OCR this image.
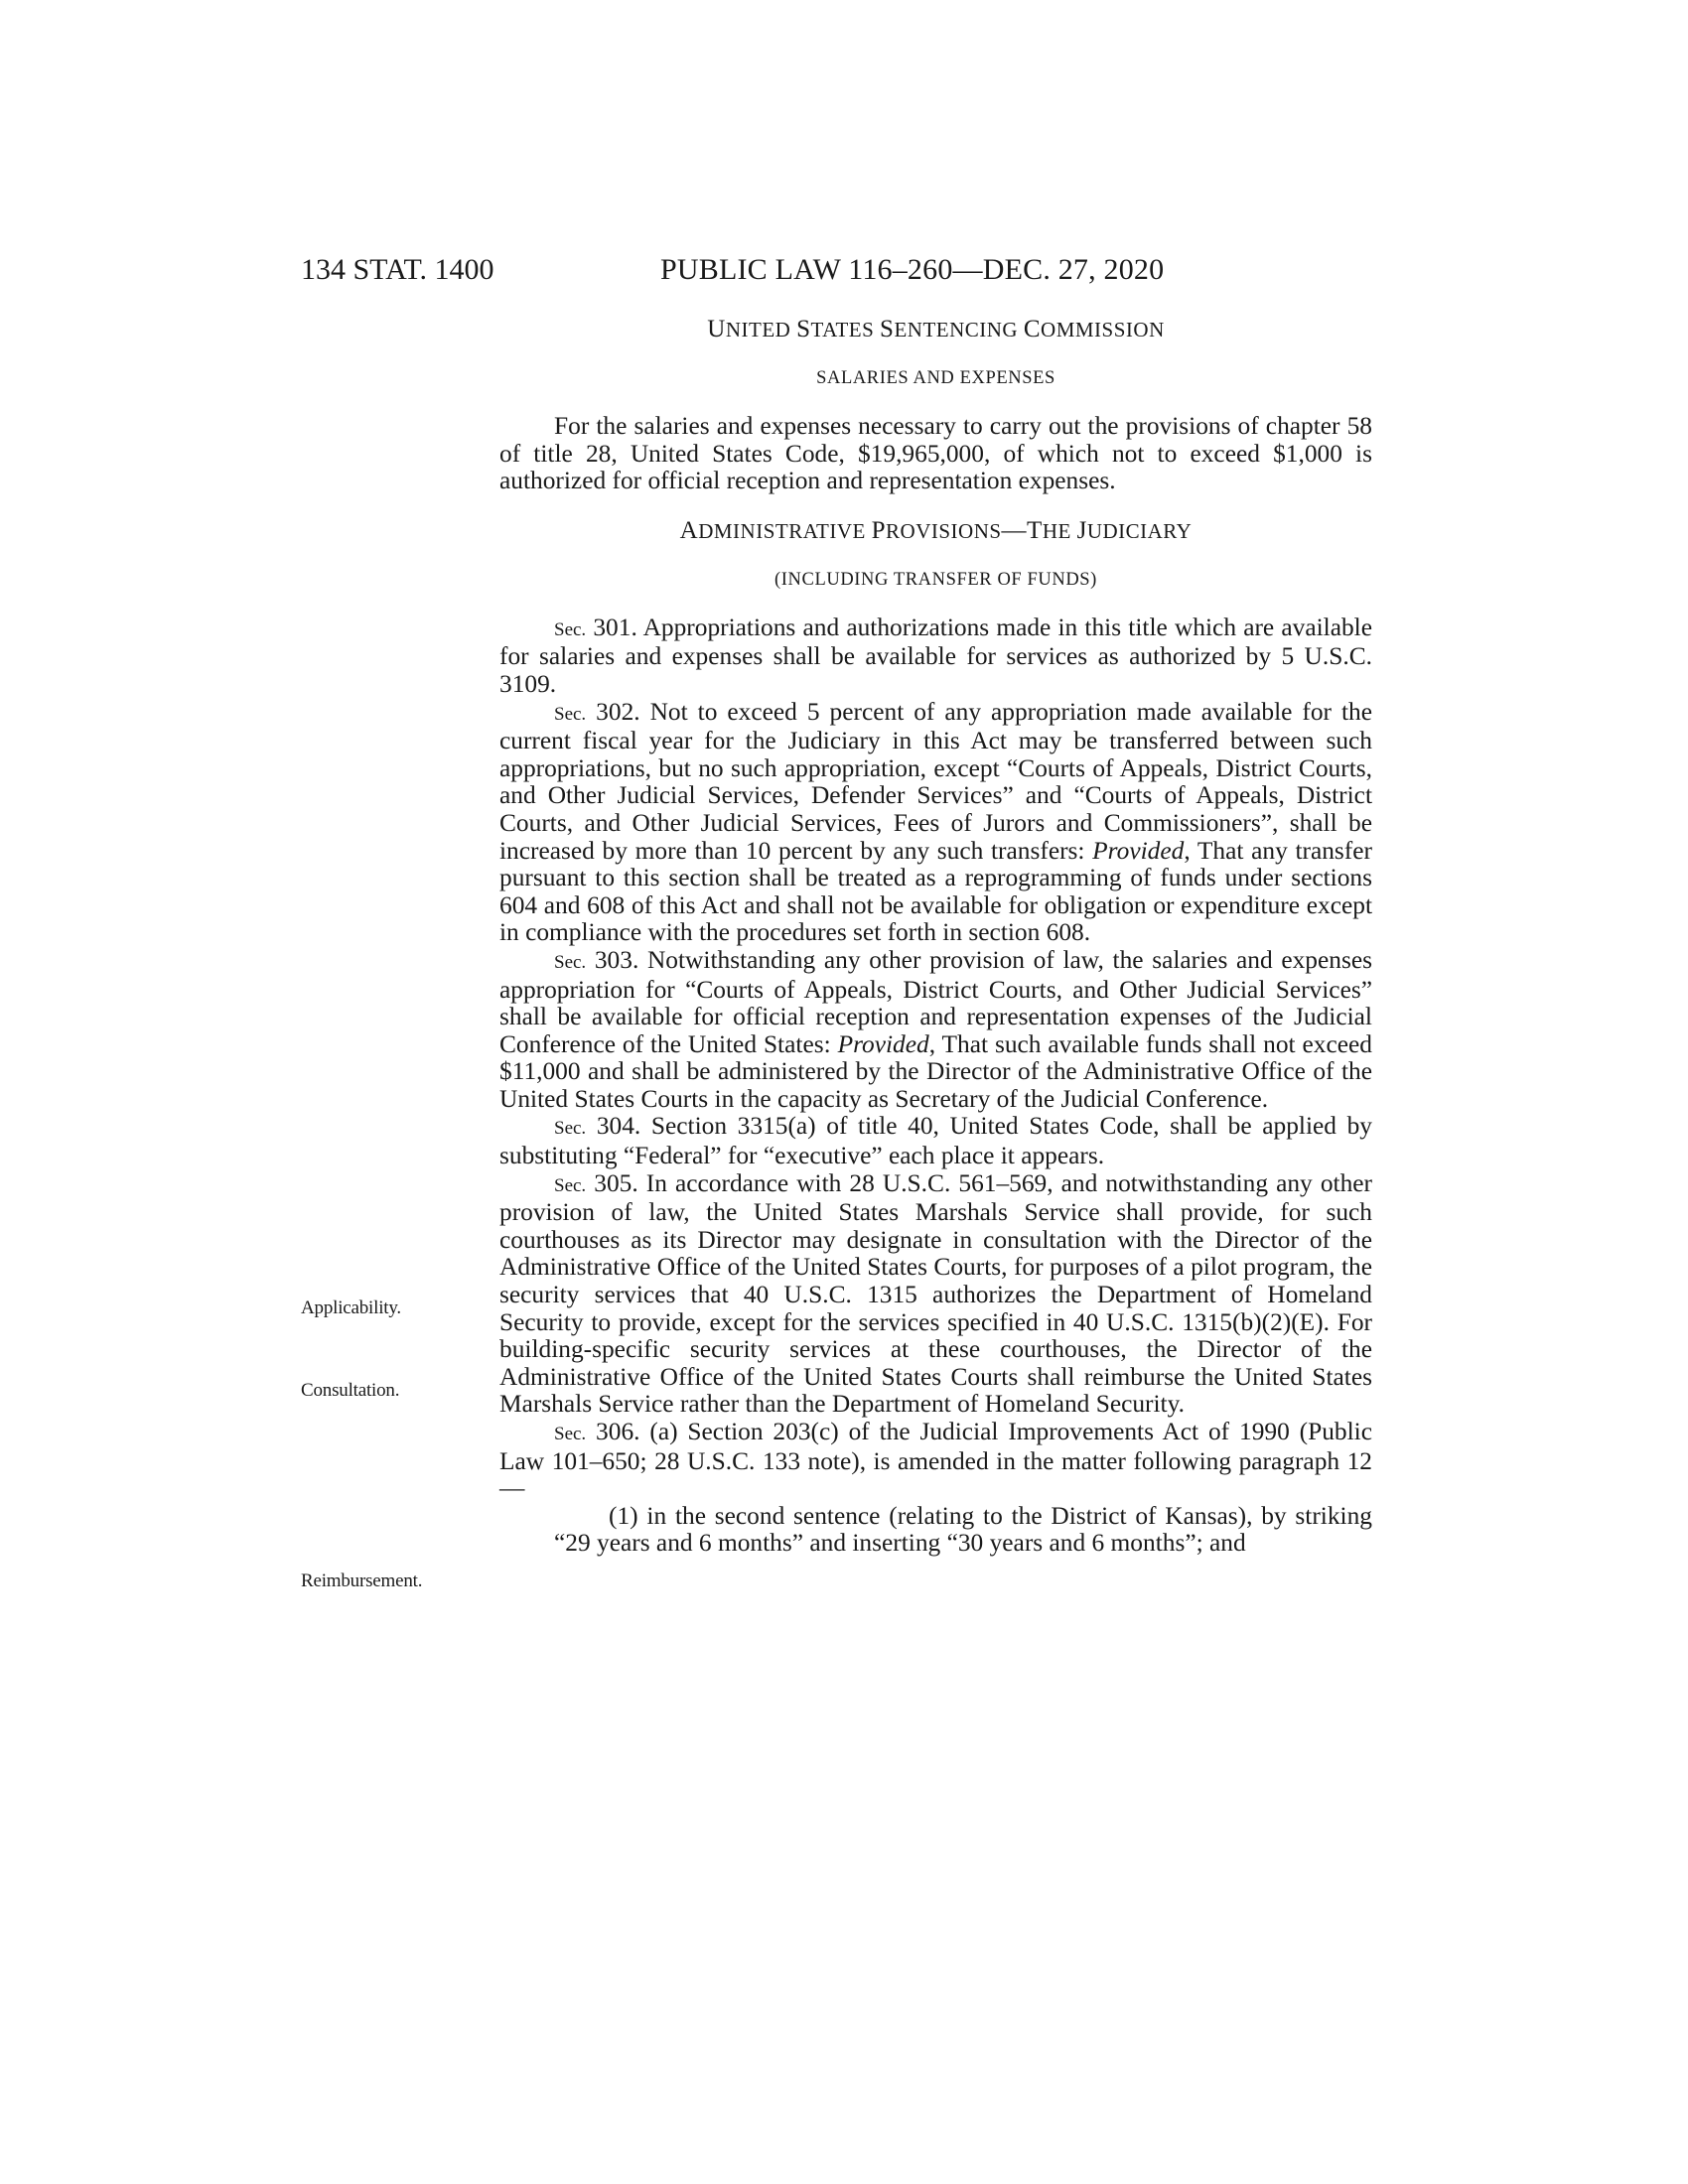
134 STAT. 1400	PUBLIC LAW 116–260—DEC. 27, 2020
Applicability.
Consultation.
Reimbursement.

UNITED STATES SENTENCING COMMISSION

SALARIES AND EXPENSES

For the salaries and expenses necessary to carry out the provisions of chapter 58 of title 28, United States Code, $19,965,000, of which not to exceed $1,000 is authorized for official reception and representation expenses.

ADMINISTRATIVE PROVISIONS—THE JUDICIARY

(INCLUDING TRANSFER OF FUNDS)

Sec. 301. Appropriations and authorizations made in this title which are available for salaries and expenses shall be available for services as authorized by 5 U.S.C. 3109.

Sec. 302. Not to exceed 5 percent of any appropriation made available for the current fiscal year for the Judiciary in this Act may be transferred between such appropriations, but no such appropriation, except “Courts of Appeals, District Courts, and Other Judicial Services, Defender Services” and “Courts of Appeals, District Courts, and Other Judicial Services, Fees of Jurors and Commissioners”, shall be increased by more than 10 percent by any such transfers: Provided, That any transfer pursuant to this section shall be treated as a reprogramming of funds under sections 604 and 608 of this Act and shall not be available for obligation or expenditure except in compliance with the procedures set forth in section 608.

Sec. 303. Notwithstanding any other provision of law, the salaries and expenses appropriation for “Courts of Appeals, District Courts, and Other Judicial Services” shall be available for official reception and representation expenses of the Judicial Conference of the United States: Provided, That such available funds shall not exceed $11,000 and shall be administered by the Director of the Administrative Office of the United States Courts in the capacity as Secretary of the Judicial Conference.

Sec. 304. Section 3315(a) of title 40, United States Code, shall be applied by substituting “Federal” for “executive” each place it appears.

Sec. 305. In accordance with 28 U.S.C. 561–569, and notwithstanding any other provision of law, the United States Marshals Service shall provide, for such courthouses as its Director may designate in consultation with the Director of the Administrative Office of the United States Courts, for purposes of a pilot program, the security services that 40 U.S.C. 1315 authorizes the Department of Homeland Security to provide, except for the services specified in 40 U.S.C. 1315(b)(2)(E). For building-specific security services at these courthouses, the Director of the Administrative Office of the United States Courts shall reimburse the United States Marshals Service rather than the Department of Homeland Security.

Sec. 306. (a) Section 203(c) of the Judicial Improvements Act of 1990 (Public Law 101–650; 28 U.S.C. 133 note), is amended in the matter following paragraph 12—

(1) in the second sentence (relating to the District of Kansas), by striking “29 years and 6 months” and inserting “30 years and 6 months”; and
